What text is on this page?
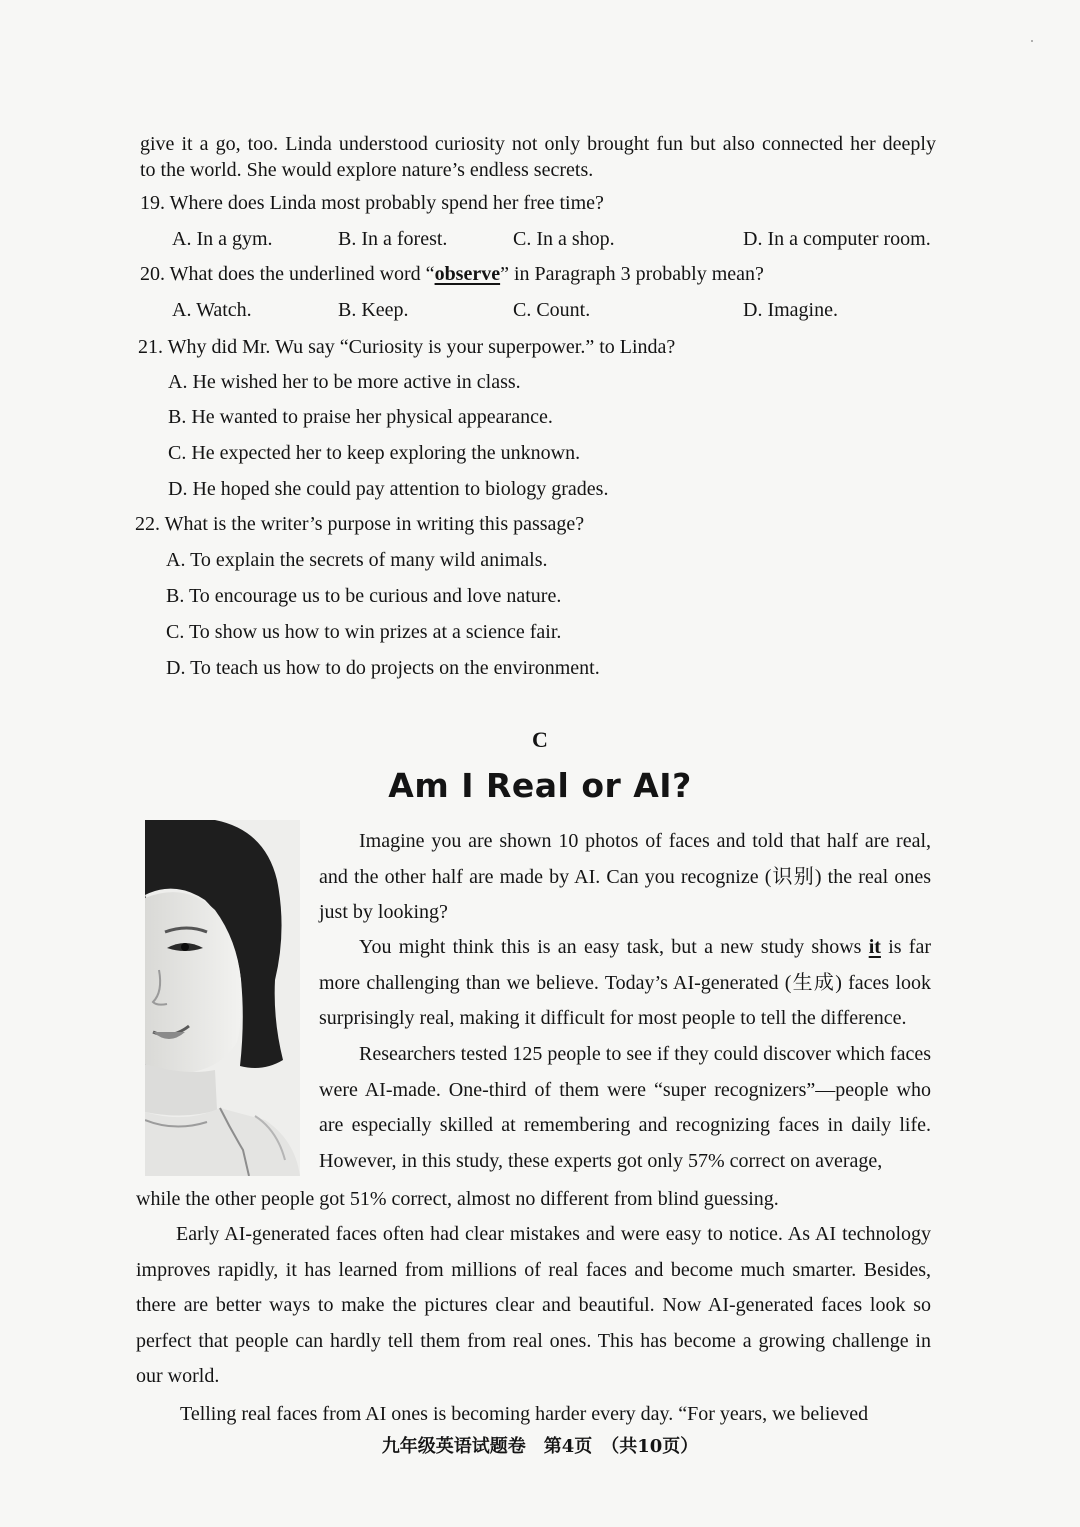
give it a go, too. Linda understood curiosity not only brought fun but also connected her deeply
to the world. She would explore nature’s endless secrets.
19. Where does Linda most probably spend her free time?
A. In a gym.	B. In a forest.	C. In a shop.	D. In a computer room.
20. What does the underlined word “observe” in Paragraph 3 probably mean?
A. Watch.	B. Keep.	C. Count.	D. Imagine.
21. Why did Mr. Wu say “Curiosity is your superpower.” to Linda?
A. He wished her to be more active in class.
B. He wanted to praise her physical appearance.
C. He expected her to keep exploring the unknown.
D. He hoped she could pay attention to biology grades.
22. What is the writer’s purpose in writing this passage?
A. To explain the secrets of many wild animals.
B. To encourage us to be curious and love nature.
C. To show us how to win prizes at a science fair.
D. To teach us how to do projects on the environment.
C
Am I Real or AI?
Imagine you are shown 10 photos of faces and told that half are real, and the other half are made by AI. Can you recognize (识别) the real ones just by looking?
You might think this is an easy task, but a new study shows it is far more challenging than we believe. Today’s AI-generated (生成) faces look surprisingly real, making it difficult for most people to tell the difference.
Researchers tested 125 people to see if they could discover which faces were AI-made. One-third of them were “super recognizers”—people who are especially skilled at remembering and recognizing faces in daily life. However, in this study, these experts got only 57% correct on average,
while the other people got 51% correct, almost no different from blind guessing.
Early AI-generated faces often had clear mistakes and were easy to notice. As AI technology improves rapidly, it has learned from millions of real faces and become much smarter. Besides, there are better ways to make the pictures clear and beautiful. Now AI-generated faces look so perfect that people can hardly tell them from real ones. This has become a growing challenge in our world.
Telling real faces from AI ones is becoming harder every day. “For years, we believed
九年级英语试题卷　第4页　（共10页）
